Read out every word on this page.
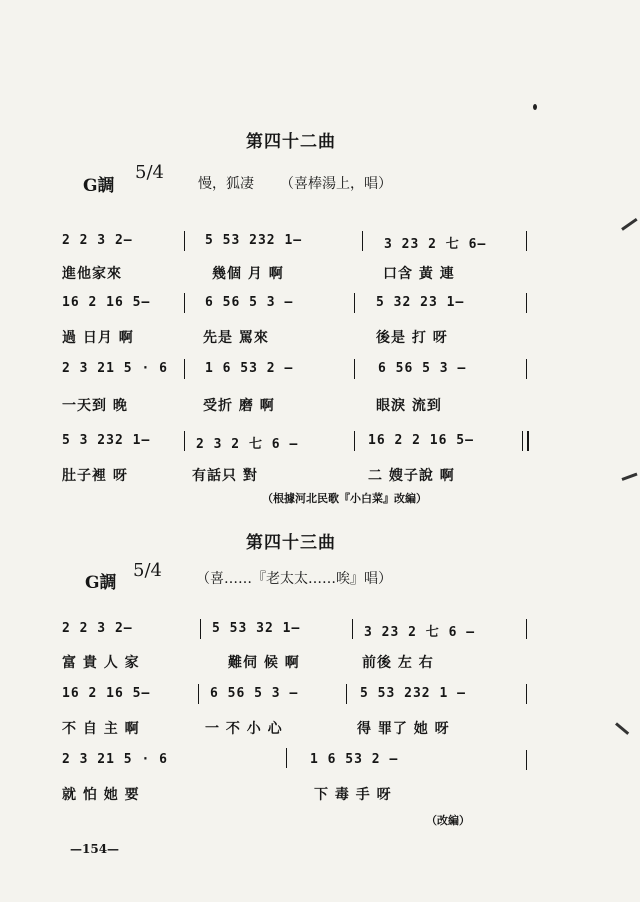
第四十二曲
G調
5/4
慢，狐凄 （喜棒湯上，唱）
2 2 3 2—	5 53 232 1—	3 23 2 七 6—
進他家來	幾個 月 啊	口含 黃 連
16 2 16 5—	6 56 5 3 —	5 32 23 1—
過 日月 啊	先是 罵來	後是 打 呀
2 3 21 5 · 6	1 6 53 2 —	6 56 5 3 —
一天到 晚	受折 磨 啊	眼淚 流到
5 3 232 1—	2 3 2 七 6 —	16 2 2 16 5—
肚子裡 呀	有話只 對	二 嫂子說 啊
（根據河北民歌『小白菜』改編）
第四十三曲
G調
5/4 （喜……『老太太……唉』唱）
2 2 3 2—	5 53 32 1—	3 23 2 七 6 —
富 貴 人 家	難伺 候 啊	前後 左 右
16 2 16 5—	6 56 5 3 —	5 53 232 1 —
不 自 主 啊	一 不 小 心	得 罪了 她 呀
2 3 21 5 · 6	1 6 53 2 —
就 怕 她 要	下 毒 手 呀
（改編）
—154—
